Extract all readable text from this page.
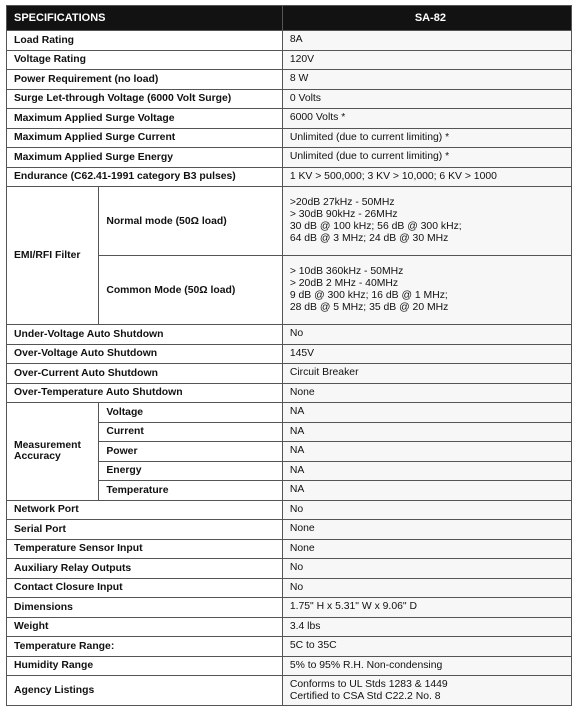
SPECIFICATIONS		SA-82
Load Rating		8A
Voltage Rating		120V
Power Requirement (no load)		8 W
Surge Let-through Voltage (6000 Volt Surge)		0 Volts
Maximum Applied Surge Voltage		6000 Volts *
Maximum Applied Surge Current		Unlimited (due to current limiting) *
Maximum Applied Surge Energy		Unlimited (due to current limiting) *
Endurance (C62.41-1991 category B3 pulses)		1 KV > 500,000; 3 KV > 10,000; 6 KV > 1000
EMI/RFI Filter	Normal mode (50Ω load)	>20dB 27kHz - 50MHz
> 30dB 90kHz - 26MHz
30 dB @ 100 kHz; 56 dB @ 300 kHz;
64 dB @ 3 MHz; 24 dB @ 30 MHz

	Common Mode (50Ω load)	> 10dB 360kHz - 50MHz
> 20dB 2 MHz - 40MHz
9 dB @ 300 kHz; 16 dB @ 1 MHz;
28 dB @ 5 MHz; 35 dB @ 20 MHz

Under-Voltage Auto Shutdown		No
Over-Voltage Auto Shutdown		145V
Over-Current Auto Shutdown		Circuit Breaker
Over-Temperature Auto Shutdown		None

Measurement
Accuracy	Voltage	NA
	Current	NA
	Power	NA
	Energy	NA
	Temperature	NA
Network Port		No
Serial Port		None
Temperature Sensor Input		None
Auxiliary Relay Outputs		No
Contact Closure Input		No
Dimensions		1.75" H x 5.31" W x 9.06" D
Weight		3.4 lbs
Temperature Range:		5C to 35C
Humidity Range		5% to 95% R.H. Non-condensing
Agency Listings		Conforms to UL Stds 1283 & 1449
Certified to CSA Std C22.2 No. 8
